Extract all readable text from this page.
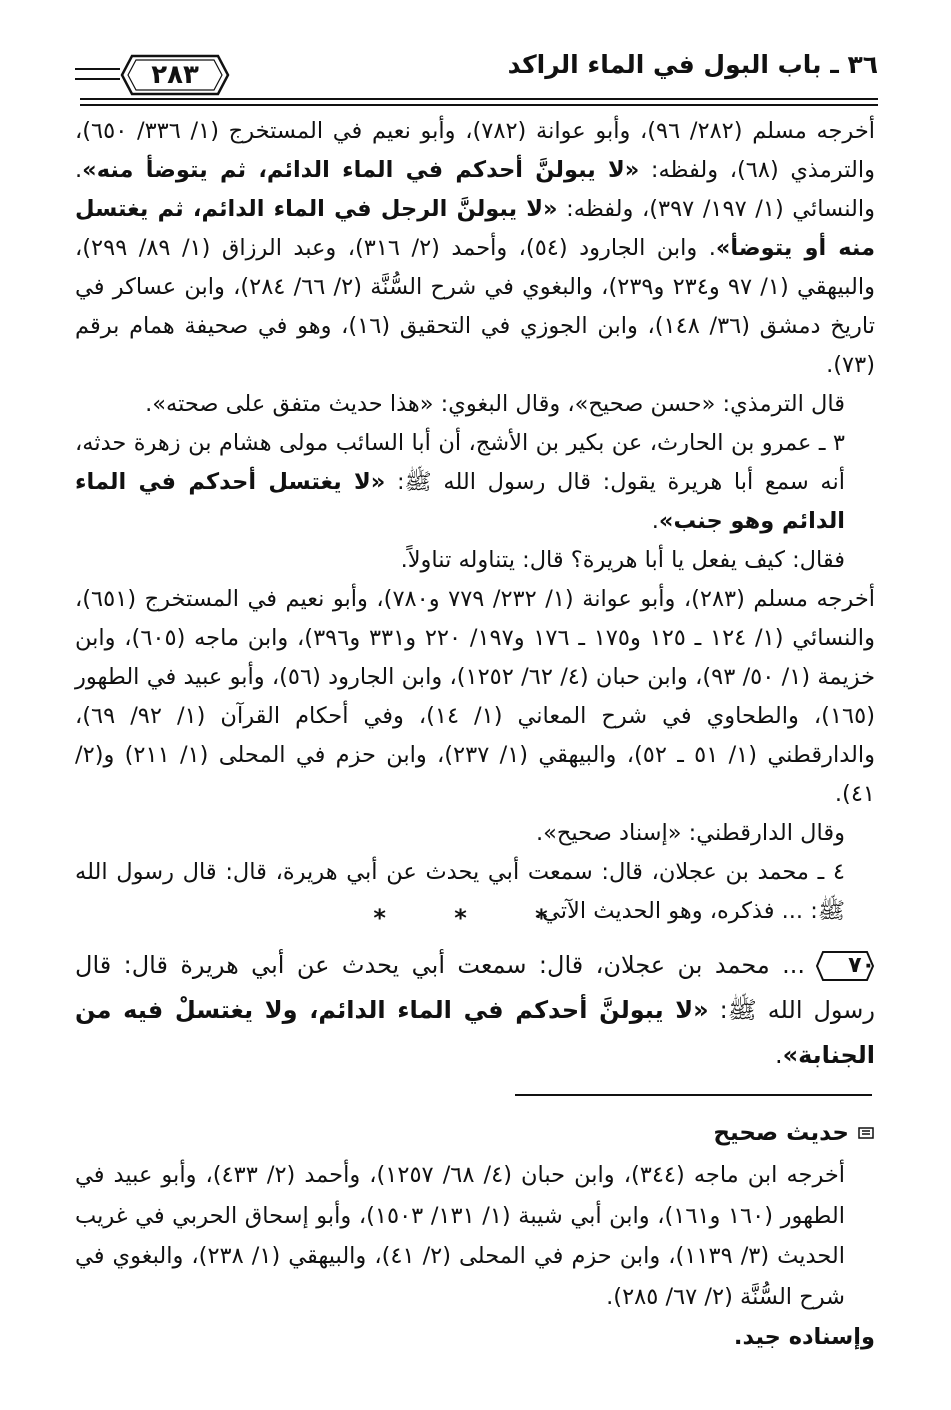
٣٦ ـ باب البول في الماء الراكد
٢٨٣

أخرجه مسلم (٢٨٢/ ٩٦)، وأبو عوانة (٧٨٢)، وأبو نعيم في المستخرج (١/ ٣٣٦/ ٦٥٠)، والترمذي (٦٨)، ولفظه: «لا يبولنَّ أحدكم في الماء الدائم، ثم يتوضأ منه». والنسائي (١/ ١٩٧/ ٣٩٧)، ولفظه: «لا يبولنَّ الرجل في الماء الدائم، ثم يغتسل منه أو يتوضأ». وابن الجارود (٥٤)، وأحمد (٢/ ٣١٦)، وعبد الرزاق (١/ ٨٩/ ٢٩٩)، والبيهقي (١/ ٩٧ و٢٣٤ و٢٣٩)، والبغوي في شرح السُّنَّة (٢/ ٦٦/ ٢٨٤)، وابن عساكر في تاريخ دمشق (٣٦/ ١٤٨)، وابن الجوزي في التحقيق (١٦)، وهو في صحيفة همام برقم (٧٣).

قال الترمذي: «حسن صحيح»، وقال البغوي: «هذا حديث متفق على صحته».

٣ ـ عمرو بن الحارث، عن بكير بن الأشج، أن أبا السائب مولى هشام بن زهرة حدثه، أنه سمع أبا هريرة يقول: قال رسول الله ﷺ: «لا يغتسل أحدكم في الماء الدائم وهو جنب».

فقال: كيف يفعل يا أبا هريرة؟ قال: يتناوله تناولاً.

أخرجه مسلم (٢٨٣)، وأبو عوانة (١/ ٢٣٢/ ٧٧٩ و٧٨٠)، وأبو نعيم في المستخرج (٦٥١)، والنسائي (١/ ١٢٤ ـ ١٢٥ و١٧٥ ـ ١٧٦ و١٩٧/ ٢٢٠ و٣٣١ و٣٩٦)، وابن ماجه (٦٠٥)، وابن خزيمة (١/ ٥٠/ ٩٣)، وابن حبان (٤/ ٦٢/ ١٢٥٢)، وابن الجارود (٥٦)، وأبو عبيد في الطهور (١٦٥)، والطحاوي في شرح المعاني (١/ ١٤)، وفي أحكام القرآن (١/ ٩٢/ ٦٩)، والدارقطني (١/ ٥١ ـ ٥٢)، والبيهقي (١/ ٢٣٧)، وابن حزم في المحلى (١/ ٢١١) و(٢/ ٤١).

وقال الدارقطني: «إسناد صحيح».

٤ ـ محمد بن عجلان، قال: سمعت أبي يحدث عن أبي هريرة، قال: قال رسول الله ﷺ: ... فذكره، وهو الحديث الآتي.

* * *

٧٠
... محمد بن عجلان، قال: سمعت أبي يحدث عن أبي هريرة قال: قال رسول الله ﷺ: «لا يبولنَّ أحدكم في الماء الدائم، ولا يغتسلْ فيه من الجنابة».

حديث صحيح

أخرجه ابن ماجه (٣٤٤)، وابن حبان (٤/ ٦٨/ ١٢٥٧)، وأحمد (٢/ ٤٣٣)، وأبو عبيد في الطهور (١٦٠ و١٦١)، وابن أبي شيبة (١/ ١٣١/ ١٥٠٣)، وأبو إسحاق الحربي في غريب الحديث (٣/ ١١٣٩)، وابن حزم في المحلى (٢/ ٤١)، والبيهقي (١/ ٢٣٨)، والبغوي في شرح السُّنَّة (٢/ ٦٧/ ٢٨٥).

وإسناده جيد.
